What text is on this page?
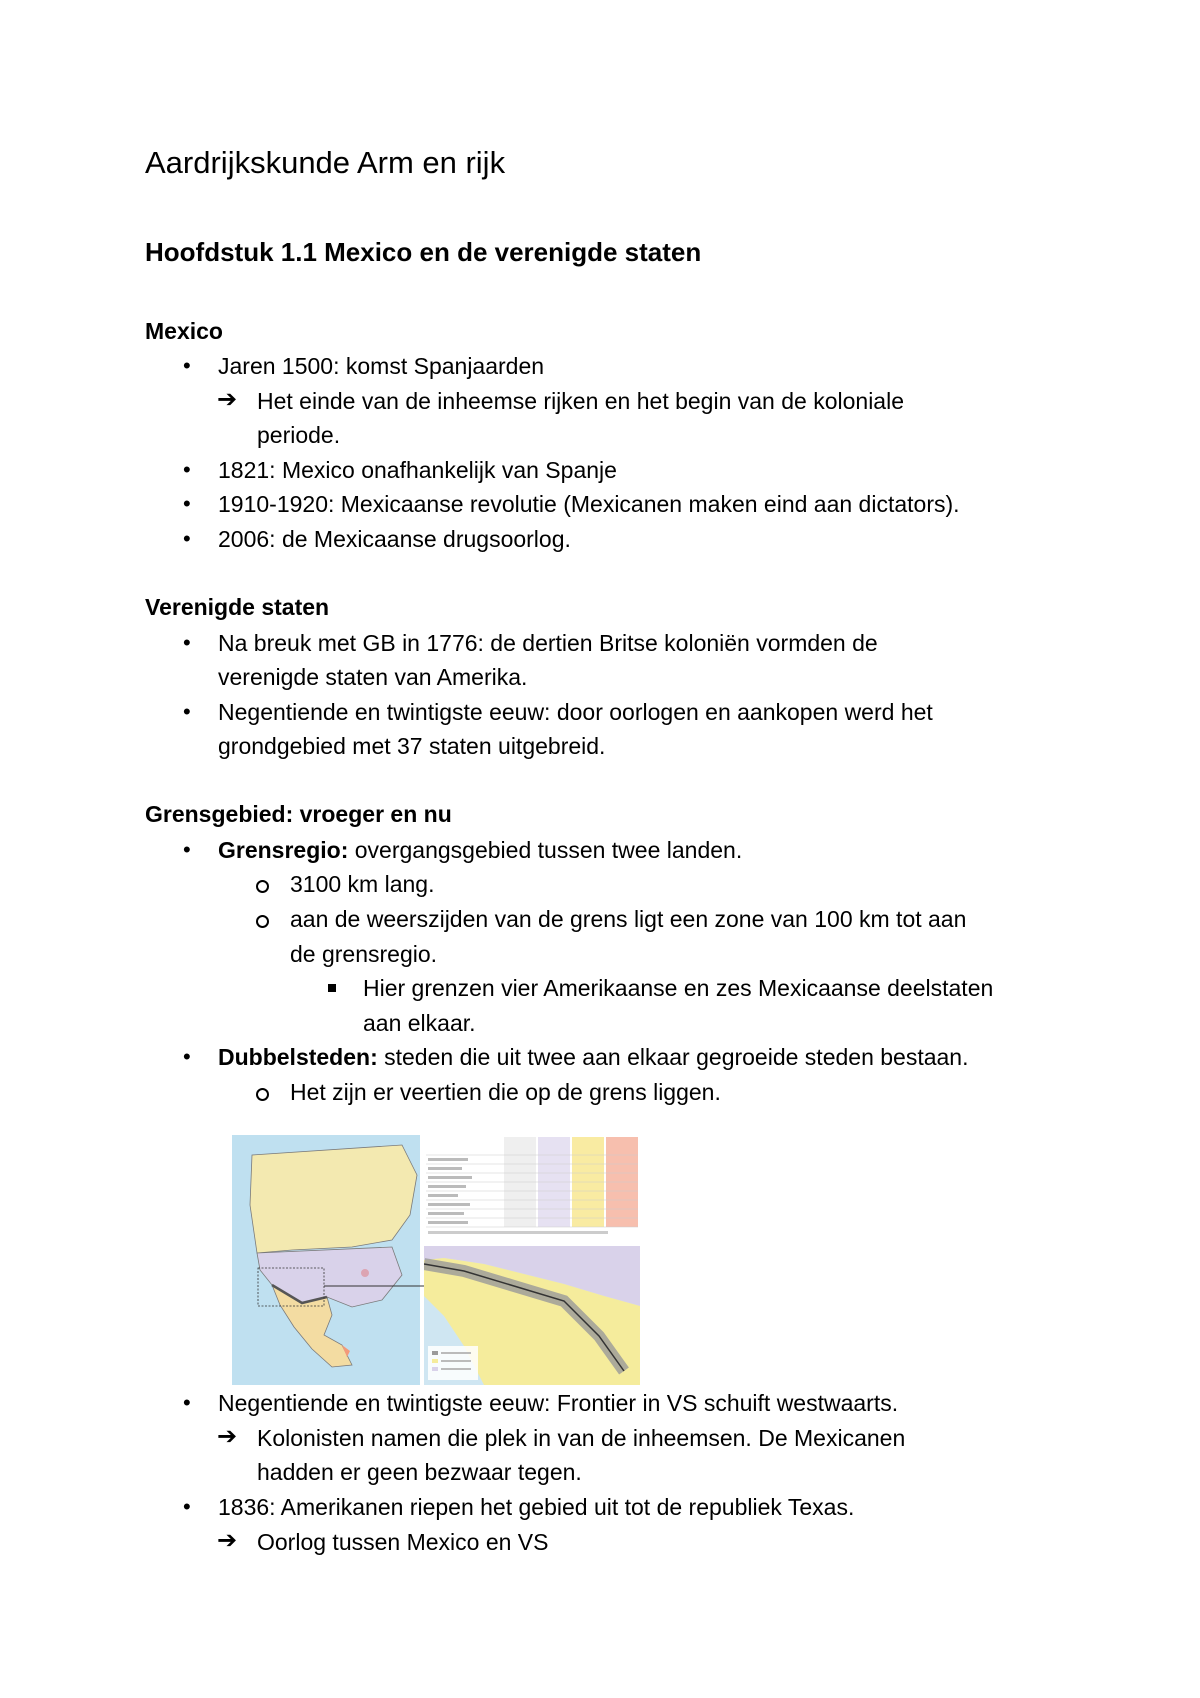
Aardrijkskunde Arm en rijk
Hoofdstuk 1.1 Mexico en de verenigde staten
Mexico
• Jaren 1500: komst Spanjaarden
➔ Het einde van de inheemse rijken en het begin van de koloniale
periode.
• 1821: Mexico onafhankelijk van Spanje
• 1910-1920: Mexicaanse revolutie (Mexicanen maken eind aan dictators).
• 2006: de Mexicaanse drugsoorlog.
Verenigde staten
• Na breuk met GB in 1776: de dertien Britse koloniën vormden de
verenigde staten van Amerika.
• Negentiende en twintigste eeuw: door oorlogen en aankopen werd het
grondgebied met 37 staten uitgebreid.
Grensgebied: vroeger en nu
• Grensregio: overgangsgebied tussen twee landen.
3100 km lang.
aan de weerszijden van de grens ligt een zone van 100 km tot aan
de grensregio.
Hier grenzen vier Amerikaanse en zes Mexicaanse deelstaten
aan elkaar.
• Dubbelsteden: steden die uit twee aan elkaar gegroeide steden bestaan.
Het zijn er veertien die op de grens liggen.
• Negentiende en twintigste eeuw: Frontier in VS schuift westwaarts.
➔ Kolonisten namen die plek in van de inheemsen. De Mexicanen
hadden er geen bezwaar tegen.
• 1836: Amerikanen riepen het gebied uit tot de republiek Texas.
➔ Oorlog tussen Mexico en VS
